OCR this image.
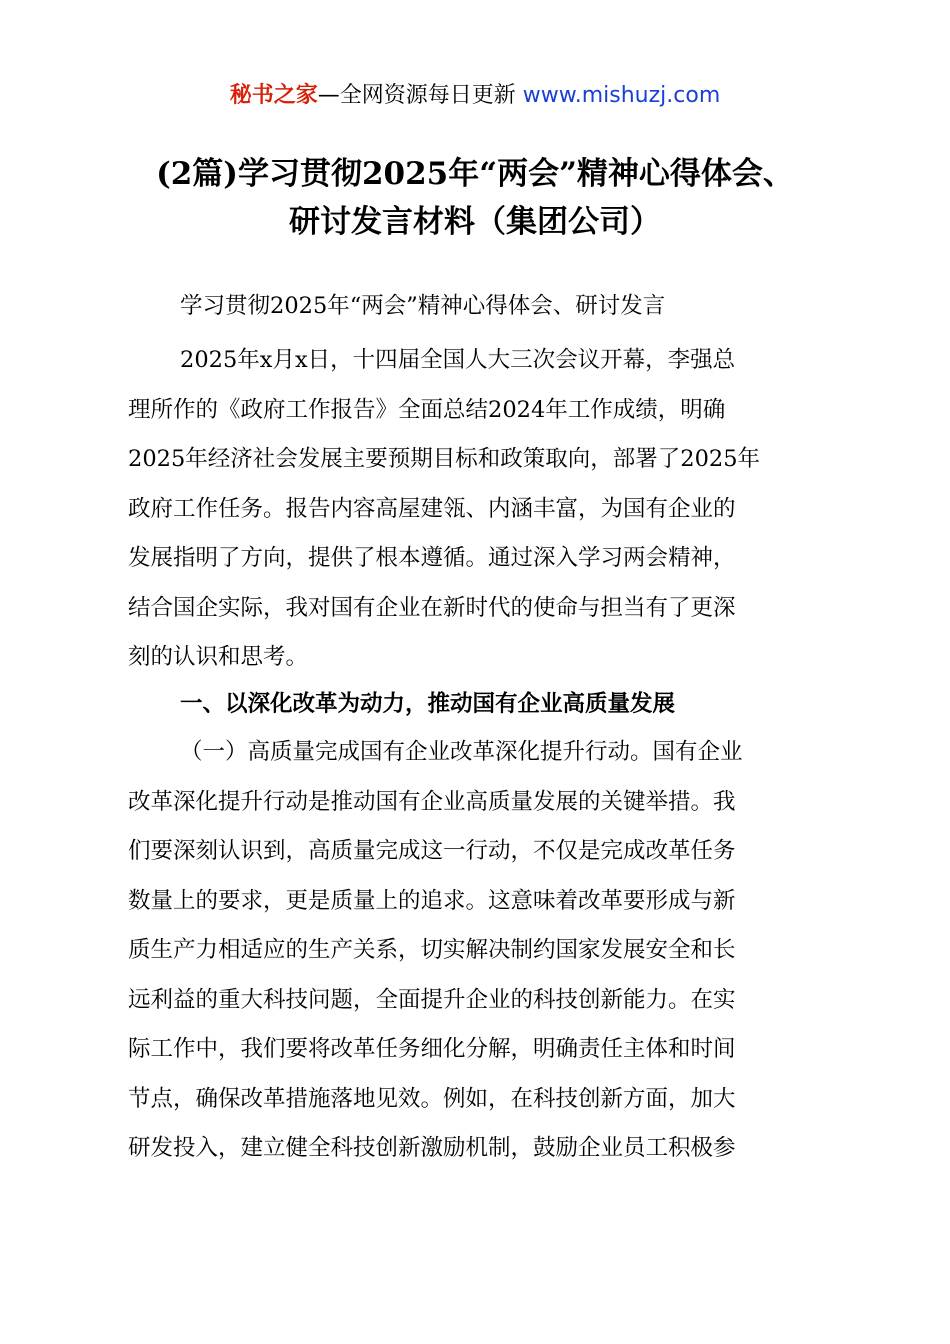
秘书之家—全网资源每日更新 www.mishuzj.com
(2篇)学习贯彻2025年“两会”精神心得体会、
研讨发言材料（集团公司）
学习贯彻2025年“两会”精神心得体会、研讨发言
2025年x月x日，十四届全国人大三次会议开幕，李强总
理所作的《政府工作报告》全面总结2024年工作成绩，明确
2025年经济社会发展主要预期目标和政策取向，部署了2025年
政府工作任务。报告内容高屋建瓴、内涵丰富，为国有企业的
发展指明了方向，提供了根本遵循。通过深入学习两会精神，
结合国企实际，我对国有企业在新时代的使命与担当有了更深
刻的认识和思考。
一、以深化改革为动力，推动国有企业高质量发展
（一）高质量完成国有企业改革深化提升行动。国有企业
改革深化提升行动是推动国有企业高质量发展的关键举措。我
们要深刻认识到，高质量完成这一行动，不仅是完成改革任务
数量上的要求，更是质量上的追求。这意味着改革要形成与新
质生产力相适应的生产关系，切实解决制约国家发展安全和长
远利益的重大科技问题，全面提升企业的科技创新能力。在实
际工作中，我们要将改革任务细化分解，明确责任主体和时间
节点，确保改革措施落地见效。例如，在科技创新方面，加大
研发投入，建立健全科技创新激励机制，鼓励企业员工积极参
